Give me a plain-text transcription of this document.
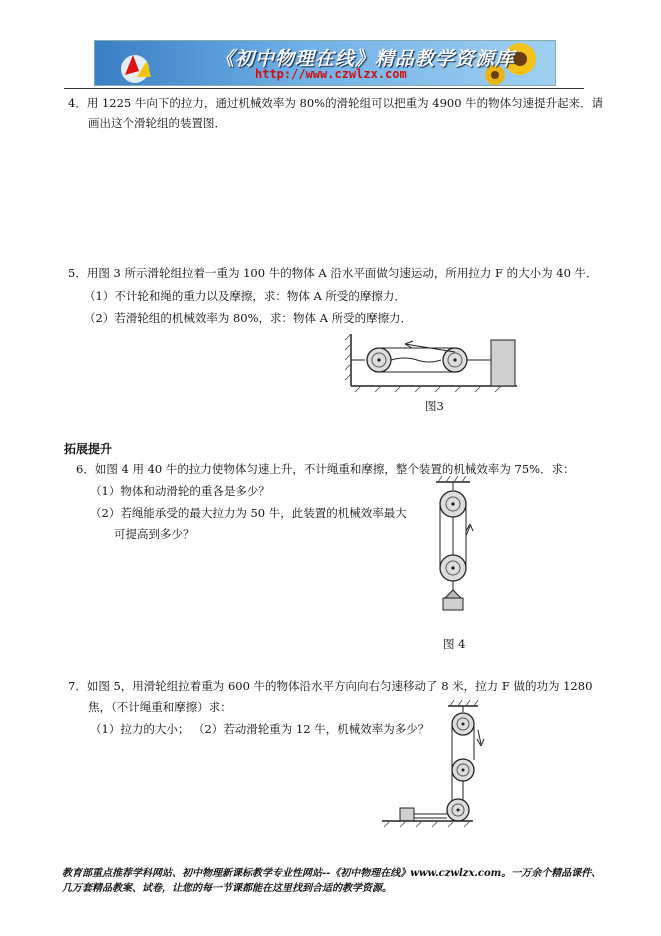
《初中物理在线》精品教学资源库
http://www.czwlzx.com
4．用 1225 牛向下的拉力，通过机械效率为 80%的滑轮组可以把重为 4900 牛的物体匀速提升起来．请
画出这个滑轮组的装置图．
5．用图 3 所示滑轮组拉着一重为 100 牛的物体 A 沿水平面做匀速运动，所用拉力 F 的大小为 40 牛．
（1）不计轮和绳的重力以及摩擦，求：物体 A 所受的摩擦力．
（2）若滑轮组的机械效率为 80%，求：物体 A 所受的摩擦力．
图3
拓展提升
6．如图 4 用 40 牛的拉力使物体匀速上升，不计绳重和摩擦，整个装置的机械效率为 75%．求：
（1）物体和动滑轮的重各是多少？
（2）若绳能承受的最大拉力为 50 牛，此装置的机械效率最大
可提高到多少？
图 4
7．如图 5，用滑轮组拉着重为 600 牛的物体沿水平方向向右匀速移动了 8 米，拉力 F 做的功为 1280
焦，（不计绳重和摩擦）求：
（1）拉力的大小； （2）若动滑轮重为 12 牛，机械效率为多少？
教育部重点推荐学科网站、初中物理新课标教学专业性网站--《初中物理在线》www.czwlzx.com。一万余个精品课件、
几万套精品教案、试卷，让您的每一节课都能在这里找到合适的教学资源。
